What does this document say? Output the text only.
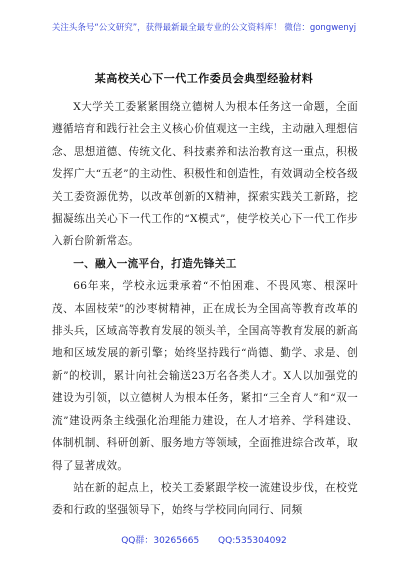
关注头条号“公文研究”，获得最新最全最专业的公文资料库！ 微信：gongwenyj
某高校关心下一代工作委员会典型经验材料

X大学关工委紧紧围绕立德树人为根本任务这一命题，全面遵循培育和践行社会主义核心价值观这一主线，主动融入理想信念、思想道德、传统文化、科技素养和法治教育这一重点，积极发挥广大“五老”的主动性、积极性和创造性，有效调动全校各级关工委资源优势，以改革创新的X精神，探索实践关工新路，挖掘凝练出关心下一代工作的“X模式”，使学校关心下一代工作步入新台阶新常态。

一、融入一流平台，打造先锋关工

66年来，学校永远秉承着“不怕困难、不畏风寒、根深叶茂、本固枝荣”的沙枣树精神，正在成长为全国高等教育改革的排头兵，区域高等教育发展的领头羊，全国高等教育发展的新高地和区域发展的新引擎；始终坚持践行“尚德、勤学、求是、创新”的校训，累计向社会输送23万名各类人才。X人以加强党的建设为引领，以立德树人为根本任务，紧扣“三全育人”和“双一流”建设两条主线强化治理能力建设，在人才培养、学科建设、体制机制、科研创新、服务地方等领域，全面推进综合改革，取得了显著成效。

站在新的起点上，校关工委紧跟学校一流建设步伐，在校党委和行政的坚强领导下，始终与学校同向同行、同频

QQ群：30265665 QQ:535304092
